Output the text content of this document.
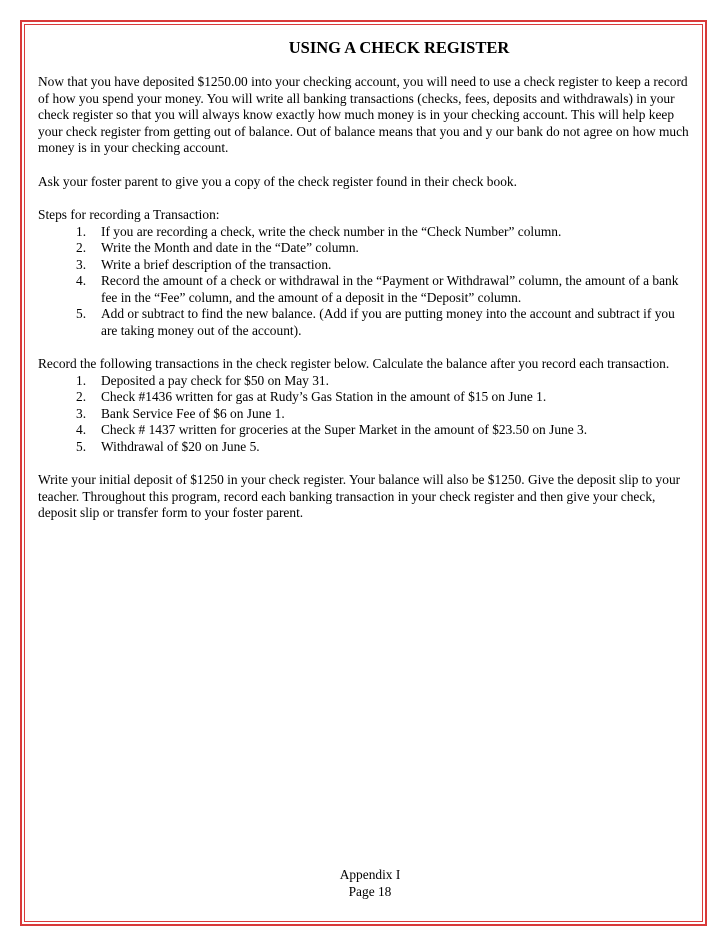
USING A CHECK REGISTER

Now that you have deposited $1250.00 into your checking account, you will need to use a check register to keep a record of how you spend your money. You will write all banking transactions (checks, fees, deposits and withdrawals) in your check register so that you will always know exactly how much money is in your checking account. This will help keep your check register from getting out of balance. Out of balance means that you and y our bank do not agree on how much money is in your checking account.

Ask your foster parent to give you a copy of the check register found in their check book.

Steps for recording a Transaction:

1. If you are recording a check, write the check number in the “Check Number” column.
2. Write the Month and date in the “Date” column.
3. Write a brief description of the transaction.
4. Record the amount of a check or withdrawal in the “Payment or Withdrawal” column, the amount of a bank fee in the “Fee” column, and the amount of a deposit in the “Deposit” column.
5. Add or subtract to find the new balance. (Add if you are putting money into the account and subtract if you are taking money out of the account).

Record the following transactions in the check register below. Calculate the balance after you record each transaction.

1. Deposited a pay check for $50 on May 31.
2. Check #1436 written for gas at Rudy’s Gas Station in the amount of $15 on June 1.
3. Bank Service Fee of $6 on June 1.
4. Check # 1437 written for groceries at the Super Market in the amount of $23.50 on June 3.
5. Withdrawal of $20 on June 5.

Write your initial deposit of $1250 in your check register. Your balance will also be $1250. Give the deposit slip to your teacher. Throughout this program, record each banking transaction in your check register and then give your check, deposit slip or transfer form to your foster parent.

Appendix I
Page 18
